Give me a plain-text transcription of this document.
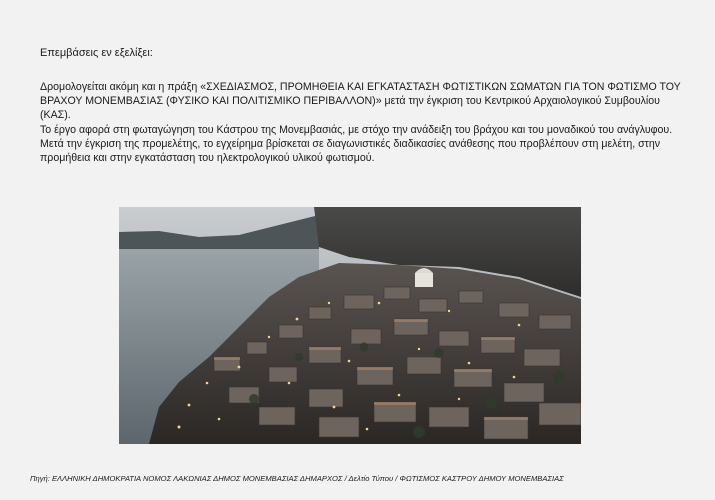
Επεμβάσεις εν εξελίξει:

Δρομολογείται ακόμη και η πράξη «ΣΧΕΔΙΑΣΜΟΣ, ΠΡΟΜΗΘΕΙΑ ΚΑΙ ΕΓΚΑΤΑΣΤΑΣΗ ΦΩΤΙΣΤΙΚΩΝ ΣΩΜΑΤΩΝ ΓΙΑ ΤΟΝ ΦΩΤΙΣΜΟ ΤΟΥ ΒΡΑΧΟΥ ΜΟΝΕΜΒΑΣΙΑΣ (ΦΥΣΙΚΟ ΚΑΙ ΠΟΛΙΤΙΣΜΙΚΟ ΠΕΡΙΒΑΛΛΟΝ)» μετά την έγκριση του Κεντρικού Αρχαιολογικού Συμβουλίου (ΚΑΣ).

Το έργο αφορά στη φωταγώγηση του Κάστρου της Μονεμβασιάς, με στόχο την ανάδειξη του βράχου και του μοναδικού του ανάγλυφου.

Μετά την έγκριση της προμελέτης, το εγχείρημα βρίσκεται σε διαγωνιστικές διαδικασίες ανάθεσης που προβλέπουν στη μελέτη, στην προμήθεια και στην εγκατάσταση του ηλεκτρολογικού υλικού φωτισμού.

Πηγή: ΕΛΛΗΝΙΚΗ ΔΗΜΟΚΡΑΤΙΑ ΝΟΜΟΣ ΛΑΚΩΝΙΑΣ ΔΗΜΟΣ ΜΟΝΕΜΒΑΣΙΑΣ ΔΗΜΑΡΧΟΣ / Δελτίο Τύπου / ΦΩΤΙΣΜΟΣ ΚΑΣΤΡΟΥ ΔΗΜΟΥ ΜΟΝΕΜΒΑΣΙΑΣ
